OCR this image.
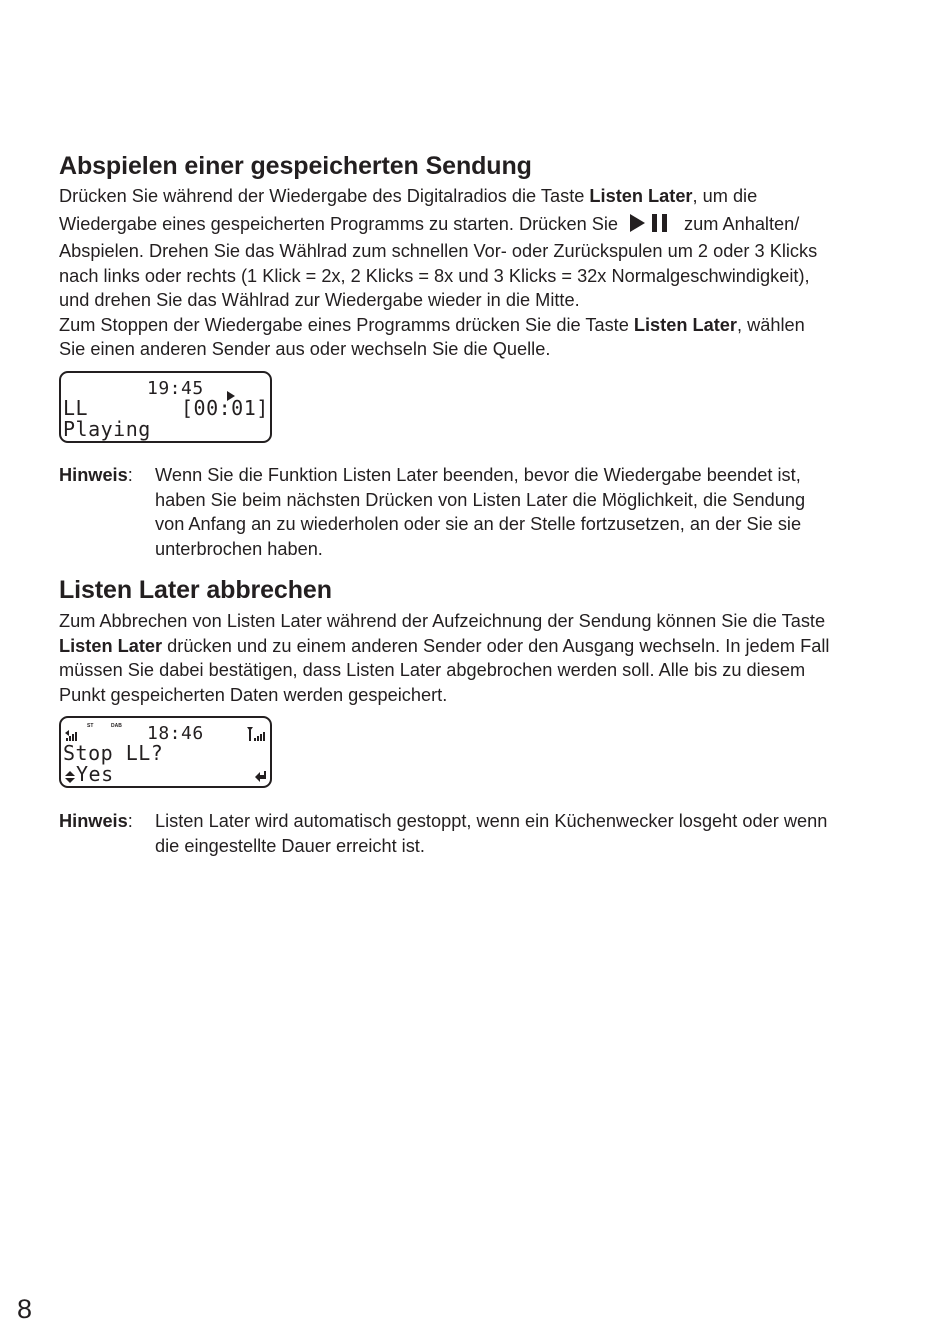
Abspielen einer gespeicherten Sendung
Drücken Sie während der Wiedergabe des Digitalradios die Taste Listen Later, um die
Wiedergabe eines gespeicherten Programms zu starten. Drücken Sie	zum Anhalten/
Abspielen. Drehen Sie das Wählrad zum schnellen Vor- oder Zurückspulen um 2 oder 3 Klicks
nach links oder rechts (1 Klick = 2x, 2 Klicks = 8x und 3 Klicks = 32x Normalgeschwindigkeit),
und drehen Sie das Wählrad zur Wiedergabe wieder in die Mitte.
Zum Stoppen der Wiedergabe eines Programms drücken Sie die Taste Listen Later, wählen
Sie einen anderen Sender aus oder wechseln Sie die Quelle.
19:45
LL	[00:01]
Playing
Hinweis: Wenn Sie die Funktion Listen Later beenden, bevor die Wiedergabe beendet ist,
haben Sie beim nächsten Drücken von Listen Later die Möglichkeit, die Sendung
von Anfang an zu wiederholen oder sie an der Stelle fortzusetzen, an der Sie sie
unterbrochen haben.
Listen Later abbrechen
Zum Abbrechen von Listen Later während der Aufzeichnung der Sendung können Sie die Taste
Listen Later drücken und zu einem anderen Sender oder den Ausgang wechseln. In jedem Fall
müssen Sie dabei bestätigen, dass Listen Later abgebrochen werden soll. Alle bis zu diesem
Punkt gespeicherten Daten werden gespeichert.
ST	DAB 18:46
Stop LL?
Yes
Hinweis: Listen Later wird automatisch gestoppt, wenn ein Küchenwecker losgeht oder wenn
die eingestellte Dauer erreicht ist.
8
